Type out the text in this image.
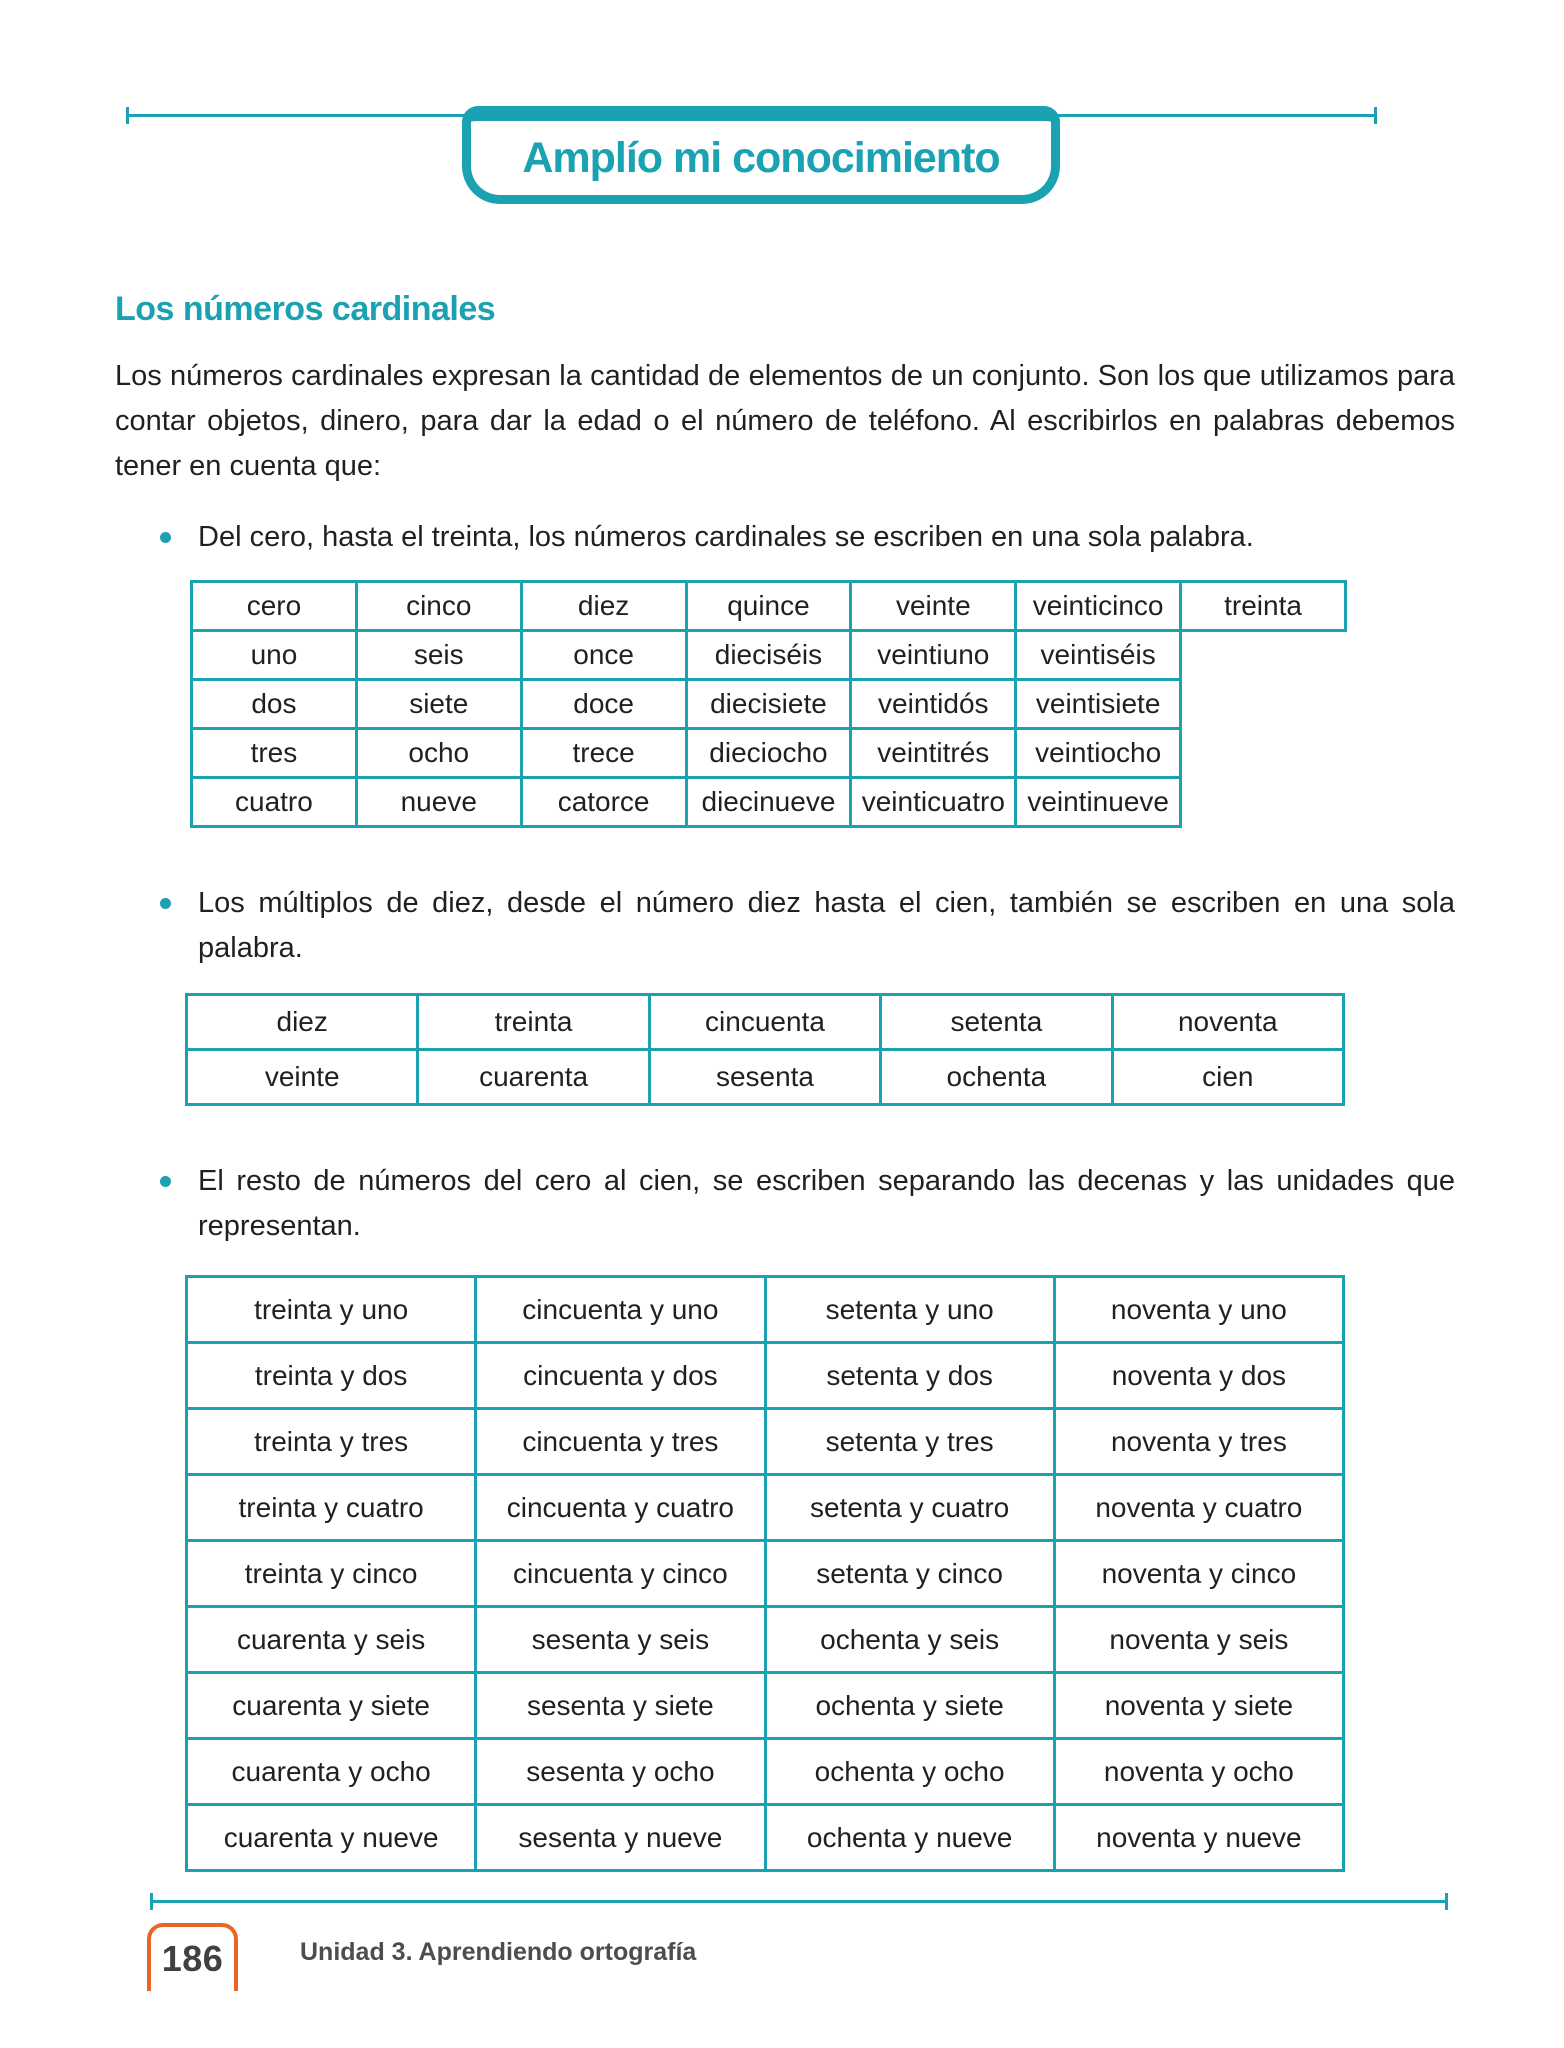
Amplío mi conocimiento
Los números cardinales

Los números cardinales expresan la cantidad de elementos de un conjunto. Son los que utilizamos para contar objetos, dinero, para dar la edad o el número de teléfono. Al escribirlos en palabras debemos tener en cuenta que:

Del cero, hasta el treinta, los números cardinales se escriben en una sola palabra.

cero	cinco	diez	quince	veinte	veinticinco	treinta
uno	seis	once	dieciséis	veintiuno	veintiséis	
dos	siete	doce	diecisiete	veintidós	veintisiete	
tres	ocho	trece	dieciocho	veintitrés	veintiocho	
cuatro	nueve	catorce	diecinueve	veinticuatro	veintinueve	

Los múltiplos de diez, desde el número diez hasta el cien, también se escriben en una sola palabra.

diez	treinta	cincuenta	setenta	noventa
veinte	cuarenta	sesenta	ochenta	cien

El resto de números del cero al cien, se escriben separando las decenas y las unidades que representan.

treinta y uno	cincuenta y uno	setenta y uno	noventa y uno
treinta y dos	cincuenta y dos	setenta y dos	noventa y dos
treinta y tres	cincuenta y tres	setenta y tres	noventa y tres
treinta y cuatro	cincuenta y cuatro	setenta y cuatro	noventa y cuatro
treinta y cinco	cincuenta y cinco	setenta y cinco	noventa y cinco
cuarenta y seis	sesenta y seis	ochenta y seis	noventa y seis
cuarenta y siete	sesenta y siete	ochenta y siete	noventa y siete
cuarenta y ocho	sesenta y ocho	ochenta y ocho	noventa y ocho
cuarenta y nueve	sesenta y nueve	ochenta y nueve	noventa y nueve
186	Unidad 3. Aprendiendo ortografía
